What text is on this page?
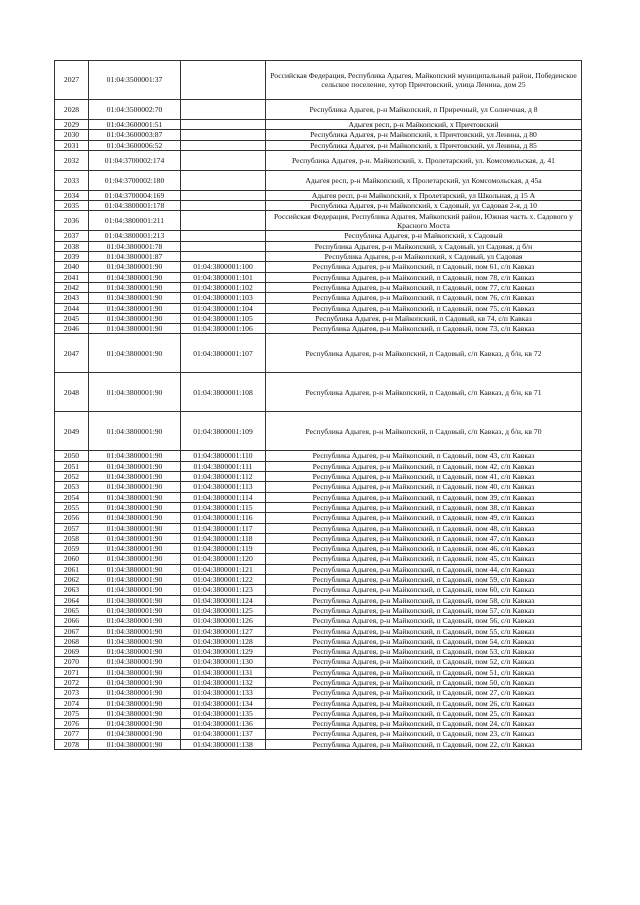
2027	01:04:3500001:37		Российская Федерация, Республика Адыгея, Майкопский муниципальный район, Победенское сельское поселение, хутор Причтовский, улица Ленина, дом 25
2028	01:04:3500002:70		Республика Адыгея, р-н Майкопский, п Приречный, ул Солнечная, д 8
2029	01:04:3600001:51		Адыгея респ, р-н Майкопский, х Причтовский
2030	01:04:3600003:87		Республика Адыгея, р-н Майкопский, х Причтовский, ул Ленина, д 80
2031	01:04:3600006:52		Республика Адыгея, р-н Майкопский, х Причтовский, ул Ленина, д 85
2032	01:04:3700002:174		Республика Адыгея, р-н. Майкопский, х. Пролетарский, ул. Комсомольская, д. 41
2033	01:04:3700002:180		Адыгея респ, р-н Майкопский, х Пролетарский, ул Комсомольская, д 45а
2034	01:04:3700004:169		Адыгея респ, р-н Майкопский, х Пролетарский, ул Школьная, д 15 А
2035	01:04:3800001:178		Республика Адыгея, р-н Майкопский, х Садовый, ул Садовая 2-я, д 10
2036	01:04:3800001:211		Российская Федерация, Республика Адыгея, Майкопский район, Южная часть х. Садового у Красного Моста
2037	01:04:3800001:213		Республика Адыгея, р-н Майкопский, х Садовый
2038	01:04:3800001:78		Республика Адыгея, р-н Майкопский, х Садовый, ул Садовая, д б/н
2039	01:04:3800001:87		Республика Адыгея, р-н Майкопский, х Садовый, ул Садовая
2040	01:04:3800001:90	01:04:3800001:100	Республика Адыгея, р-н Майкопский, п Садовый, пом 61, с/п Кавказ
2041	01:04:3800001:90	01:04:3800001:101	Республика Адыгея, р-н Майкопский, п Садовый, пом 78, с/п Кавказ
2042	01:04:3800001:90	01:04:3800001:102	Республика Адыгея, р-н Майкопский, п Садовый, пом 77, с/п Кавказ
2043	01:04:3800001:90	01:04:3800001:103	Республика Адыгея, р-н Майкопский, п Садовый, пом 76, с/п Кавказ
2044	01:04:3800001:90	01:04:3800001:104	Республика Адыгея, р-н Майкопский, п Садовый, пом 75, с/п Кавказ
2045	01:04:3800001:90	01:04:3800001:105	Республика Адыгея, р-н Майкопский, п Садовый, кв 74, с/п Кавказ
2046	01:04:3800001:90	01:04:3800001:106	Республика Адыгея, р-н Майкопский, п Садовый, пом 73, с/п Кавказ
2047	01:04:3800001:90	01:04:3800001:107	Республика Адыгея, р-н Майкопский, п Садовый, с/п Кавказ, д б/н, кв 72
2048	01:04:3800001:90	01:04:3800001:108	Республика Адыгея, р-н Майкопский, п Садовый, с/п Кавказ, д б/н, кв 71
2049	01:04:3800001:90	01:04:3800001:109	Республика Адыгея, р-н Майкопский, п Садовый, с/п Кавказ, д б/н, кв 70
2050	01:04:3800001:90	01:04:3800001:110	Республика Адыгея, р-н Майкопский, п Садовый, пом 43, с/п Кавказ
2051	01:04:3800001:90	01:04:3800001:111	Республика Адыгея, р-н Майкопский, п Садовый, пом 42, с/п Кавказ
2052	01:04:3800001:90	01:04:3800001:112	Республика Адыгея, р-н Майкопский, п Садовый, пом 41, с/п Кавказ
2053	01:04:3800001:90	01:04:3800001:113	Республика Адыгея, р-н Майкопский, п Садовый, пом 40, с/п Кавказ
2054	01:04:3800001:90	01:04:3800001:114	Республика Адыгея, р-н Майкопский, п Садовый, пом 39, с/п Кавказ
2055	01:04:3800001:90	01:04:3800001:115	Республика Адыгея, р-н Майкопский, п Садовый, пом 38, с/п Кавказ
2056	01:04:3800001:90	01:04:3800001:116	Республика Адыгея, р-н Майкопский, п Садовый, пом 49, с/п Кавказ
2057	01:04:3800001:90	01:04:3800001:117	Республика Адыгея, р-н Майкопский, п Садовый, пом 48, с/п Кавказ
2058	01:04:3800001:90	01:04:3800001:118	Республика Адыгея, р-н Майкопский, п Садовый, пом 47, с/п Кавказ
2059	01:04:3800001:90	01:04:3800001:119	Республика Адыгея, р-н Майкопский, п Садовый, пом 46, с/п Кавказ
2060	01:04:3800001:90	01:04:3800001:120	Республика Адыгея, р-н Майкопский, п Садовый, пом 45, с/п Кавказ
2061	01:04:3800001:90	01:04:3800001:121	Республика Адыгея, р-н Майкопский, п Садовый, пом 44, с/п Кавказ
2062	01:04:3800001:90	01:04:3800001:122	Республика Адыгея, р-н Майкопский, п Садовый, пом 59, с/п Кавказ
2063	01:04:3800001:90	01:04:3800001:123	Республика Адыгея, р-н Майкопский, п Садовый, пом 60, с/п Кавказ
2064	01:04:3800001:90	01:04:3800001:124	Республика Адыгея, р-н Майкопский, п Садовый, пом 58, с/п Кавказ
2065	01:04:3800001:90	01:04:3800001:125	Республика Адыгея, р-н Майкопский, п Садовый, пом 57, с/п Кавказ
2066	01:04:3800001:90	01:04:3800001:126	Республика Адыгея, р-н Майкопский, п Садовый, пом 56, с/п Кавказ
2067	01:04:3800001:90	01:04:3800001:127	Республика Адыгея, р-н Майкопский, п Садовый, пом 55, с/п Кавказ
2068	01:04:3800001:90	01:04:3800001:128	Республика Адыгея, р-н Майкопский, п Садовый, пом 54, с/п Кавказ
2069	01:04:3800001:90	01:04:3800001:129	Республика Адыгея, р-н Майкопский, п Садовый, пом 53, с/п Кавказ
2070	01:04:3800001:90	01:04:3800001:130	Республика Адыгея, р-н Майкопский, п Садовый, пом 52, с/п Кавказ
2071	01:04:3800001:90	01:04:3800001:131	Республика Адыгея, р-н Майкопский, п Садовый, пом 51, с/п Кавказ
2072	01:04:3800001:90	01:04:3800001:132	Республика Адыгея, р-н Майкопский, п Садовый, пом 50, с/п Кавказ
2073	01:04:3800001:90	01:04:3800001:133	Республика Адыгея, р-н Майкопский, п Садовый, пом 27, с/п Кавказ
2074	01:04:3800001:90	01:04:3800001:134	Республика Адыгея, р-н Майкопский, п Садовый, пом 26, с/п Кавказ
2075	01:04:3800001:90	01:04:3800001:135	Республика Адыгея, р-н Майкопский, п Садовый, пом 25, с/п Кавказ
2076	01:04:3800001:90	01:04:3800001:136	Республика Адыгея, р-н Майкопский, п Садовый, пом 24, с/п Кавказ
2077	01:04:3800001:90	01:04:3800001:137	Республика Адыгея, р-н Майкопский, п Садовый, пом 23, с/п Кавказ
2078	01:04:3800001:90	01:04:3800001:138	Республика Адыгея, р-н Майкопский, п Садовый, пом 22, с/п Кавказ
